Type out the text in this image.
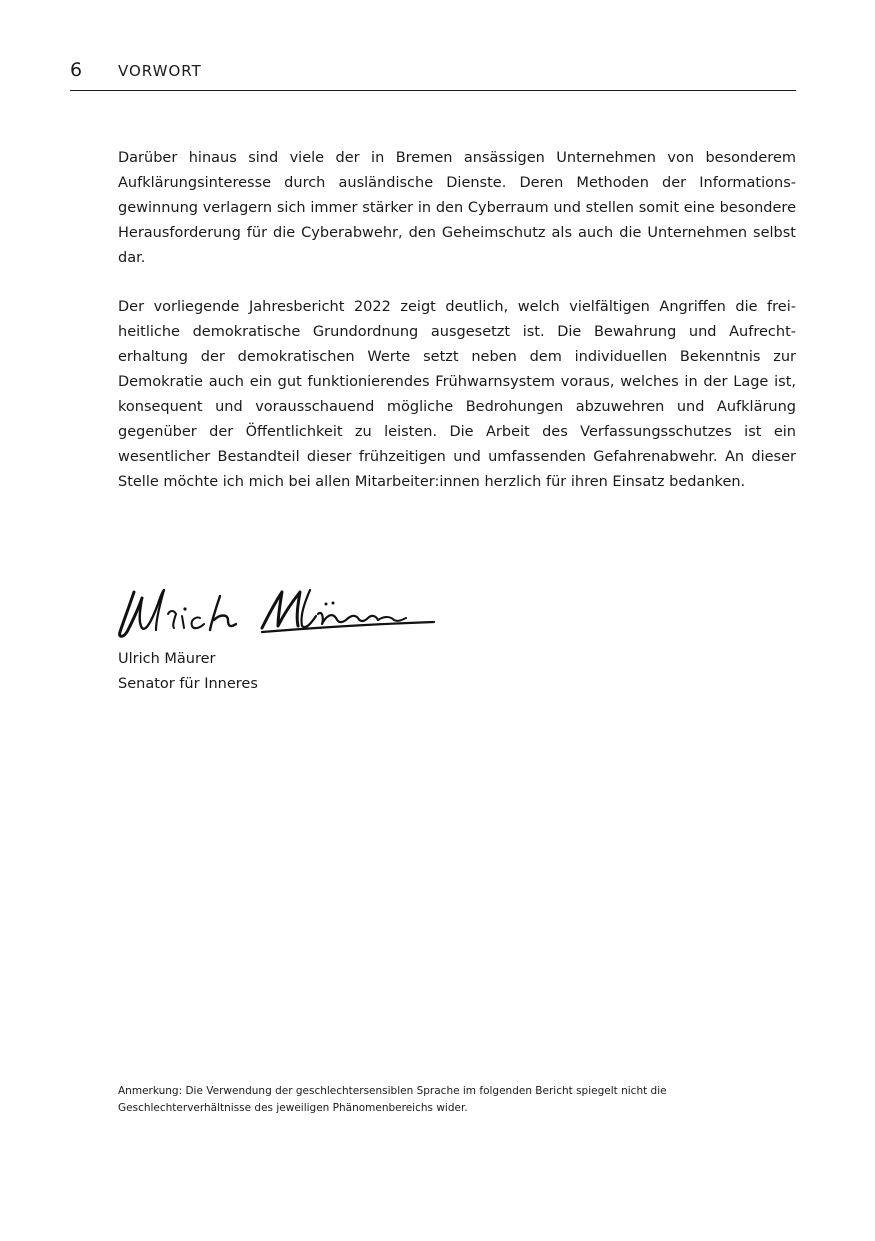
6 VORWORT

Darüber hinaus sind viele der in Bremen ansässigen Unternehmen von besonderem Aufklärungsinteresse durch ausländische Dienste. Deren Methoden der Informationsgewinnung verlagern sich immer stärker in den Cyberraum und stellen somit eine besondere Herausforderung für die Cyberabwehr, den Geheimschutz als auch die Unternehmen selbst dar.

Der vorliegende Jahresbericht 2022 zeigt deutlich, welch vielfältigen Angriffen die freiheitliche demokratische Grundordnung ausgesetzt ist. Die Bewahrung und Aufrechterhaltung der demokratischen Werte setzt neben dem individuellen Bekenntnis zur Demokratie auch ein gut funktionierendes Frühwarnsystem voraus, welches in der Lage ist, konsequent und vorausschauend mögliche Bedrohungen abzuwehren und Aufklärung gegenüber der Öffentlichkeit zu leisten. Die Arbeit des Verfassungsschutzes ist ein wesentlicher Bestandteil dieser frühzeitigen und umfassenden Gefahrenabwehr. An dieser Stelle möchte ich mich bei allen Mitarbeiter:innen herzlich für ihren Einsatz bedanken.

Ulrich Mäurer
Senator für Inneres
Anmerkung: Die Verwendung der geschlechtersensiblen Sprache im folgenden Bericht spiegelt nicht die Geschlechterverhältnisse des jeweiligen Phänomenbereichs wider.
